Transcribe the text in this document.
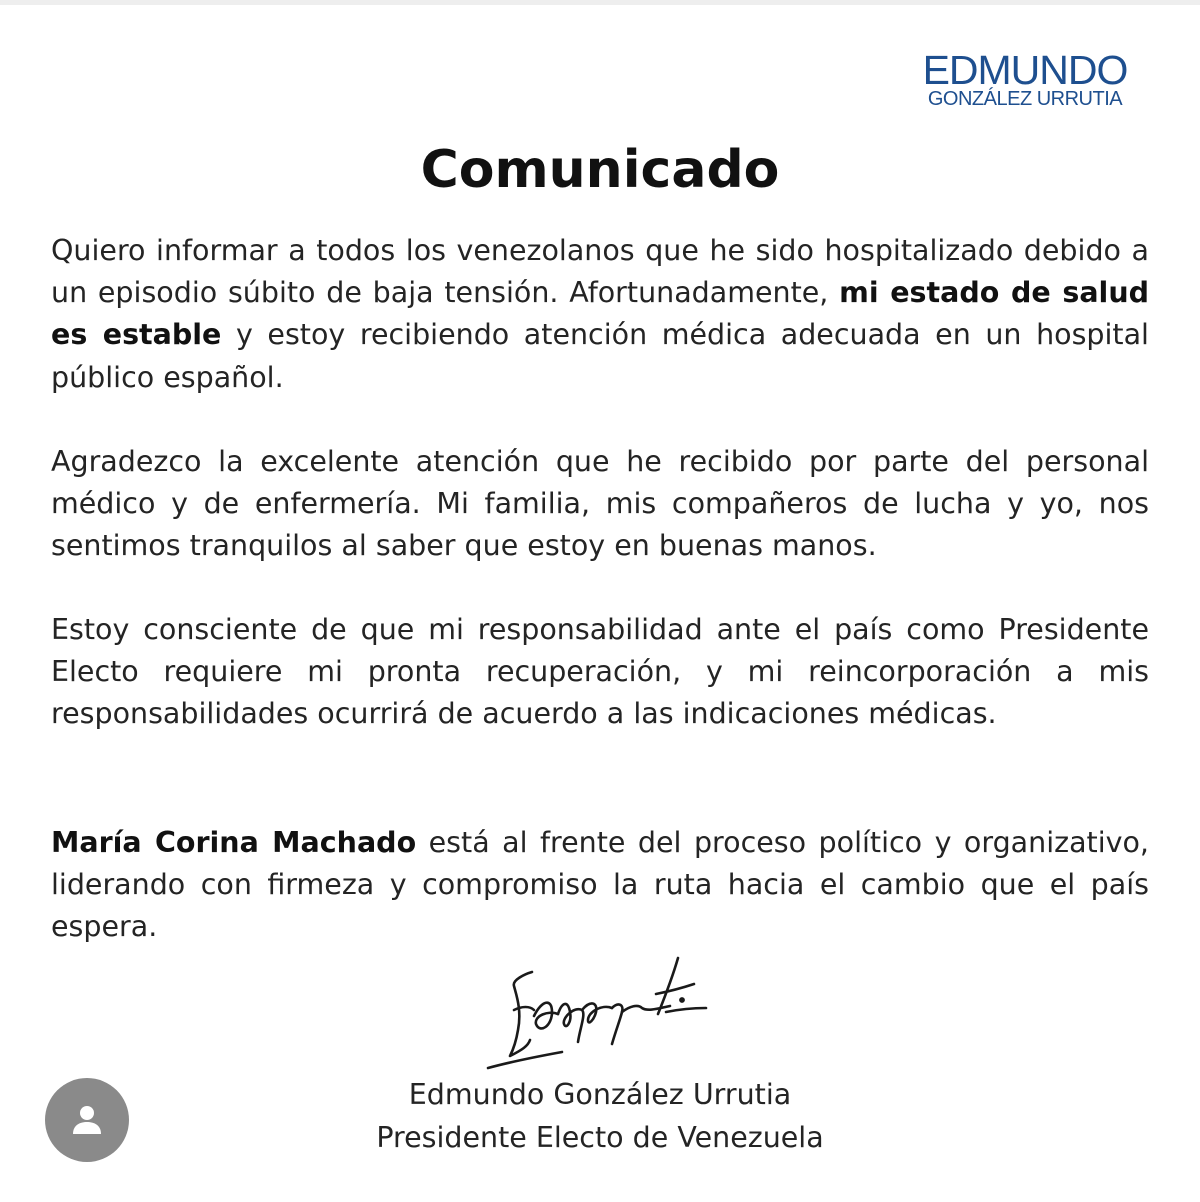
EDMUNDO
GONZÁLEZ URRUTIA
Comunicado

Quiero informar a todos los venezolanos que he sido hospitalizado debido a un episodio súbito de baja tensión. Afortunadamente, mi estado de salud es estable y estoy recibiendo atención médica adecuada en un hospital público español.

Agradezco la excelente atención que he recibido por parte del personal médico y de enfermería. Mi familia, mis compañeros de lucha y yo, nos sentimos tranquilos al saber que estoy en buenas manos.

Estoy consciente de que mi responsabilidad ante el país como Presidente Electo requiere mi pronta recuperación, y mi reincorporación a mis responsabilidades ocurrirá de acuerdo a las indicaciones médicas.

María Corina Machado está al frente del proceso político y organizativo, liderando con firmeza y compromiso la ruta hacia el cambio que el país espera.

Edmundo González Urrutia
Presidente Electo de Venezuela
